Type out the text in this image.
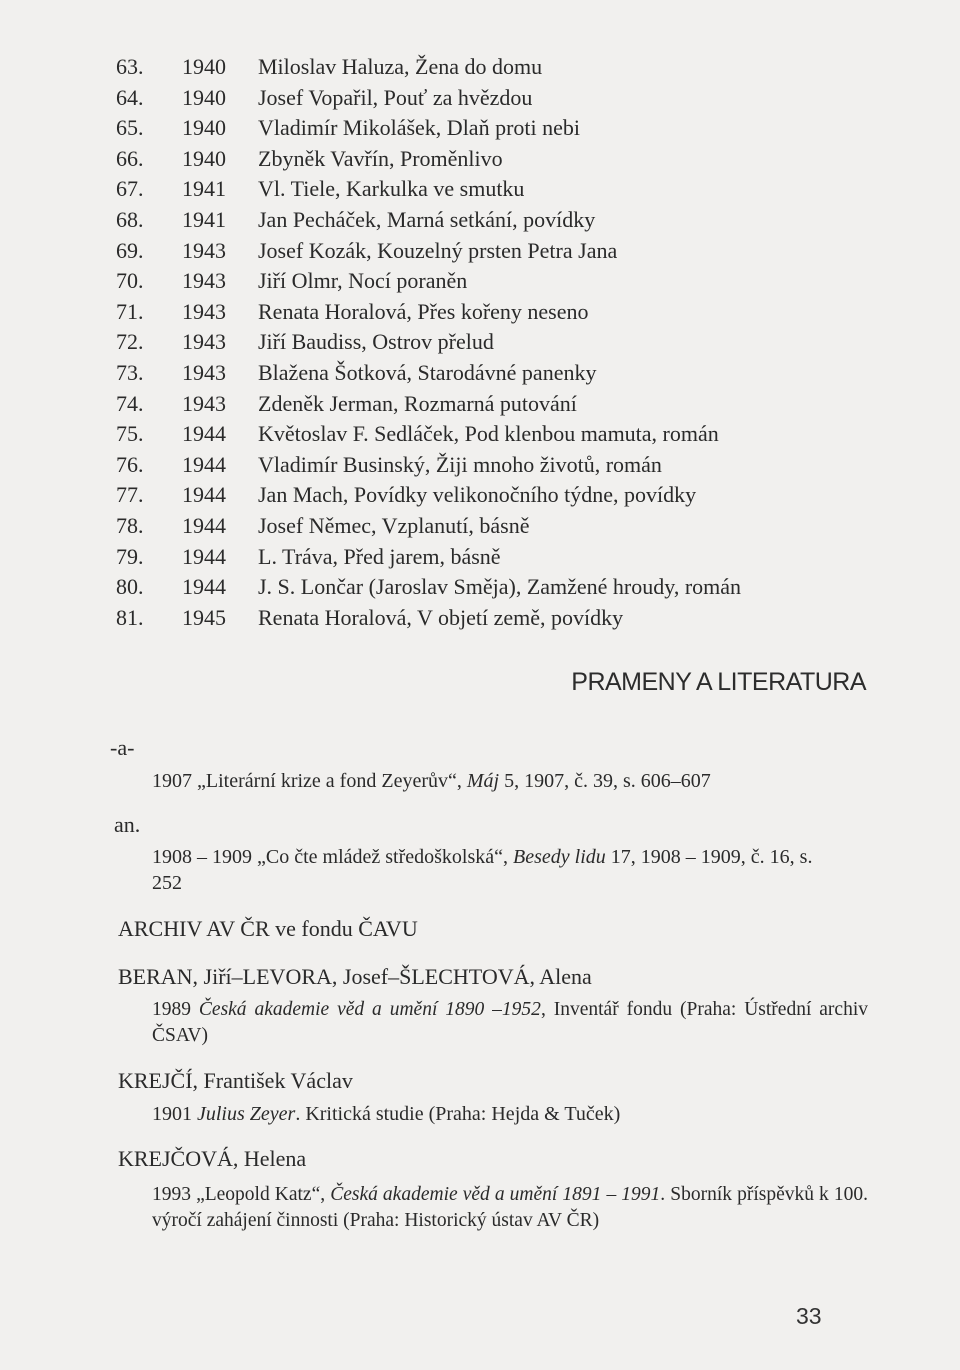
63. 1940 Miloslav Haluza, Žena do domu
64. 1940 Josef Vopařil, Pouť za hvězdou
65. 1940 Vladimír Mikolášek, Dlaň proti nebi
66. 1940 Zbyněk Vavřín, Proměnlivo
67. 1941 Vl. Tiele, Karkulka ve smutku
68. 1941 Jan Pecháček, Marná setkání, povídky
69. 1943 Josef Kozák, Kouzelný prsten Petra Jana
70. 1943 Jiří Olmr, Nocí poraněn
71. 1943 Renata Horalová, Přes kořeny neseno
72. 1943 Jiří Baudiss, Ostrov přelud
73. 1943 Blažena Šotková, Starodávné panenky
74. 1943 Zdeněk Jerman, Rozmarná putování
75. 1944 Květoslav F. Sedláček, Pod klenbou mamuta, román
76. 1944 Vladimír Businský, Žiji mnoho životů, román
77. 1944 Jan Mach, Povídky velikonočního týdne, povídky
78. 1944 Josef Němec, Vzplanutí, básně
79. 1944 L. Tráva, Před jarem, básně
80. 1944 J. S. Lončar (Jaroslav Směja), Zamžené hroudy, román
81. 1945 Renata Horalová, V objetí země, povídky
PRAMENY A LITERATURA
-a-
1907 „Literární krize a fond Zeyerův“, Máj 5, 1907, č. 39, s. 606–607
an.
1908 – 1909 „Co čte mládež středoškolská“, Besedy lidu 17, 1908 – 1909, č. 16, s.
252
ARCHIV AV ČR ve fondu ČAVU
BERAN, Jiří–LEVORA, Josef–ŠLECHTOVÁ, Alena
1989 Česká akademie věd a umění 1890 –1952, Inventář fondu (Praha: Ústřední archiv ČSAV)
KREJČÍ, František Václav
1901 Julius Zeyer. Kritická studie (Praha: Hejda & Tuček)
KREJČOVÁ, Helena
1993 „Leopold Katz“, Česká akademie věd a umění 1891 – 1991. Sborník příspěvků k 100. výročí zahájení činnosti (Praha: Historický ústav AV ČR)
33
